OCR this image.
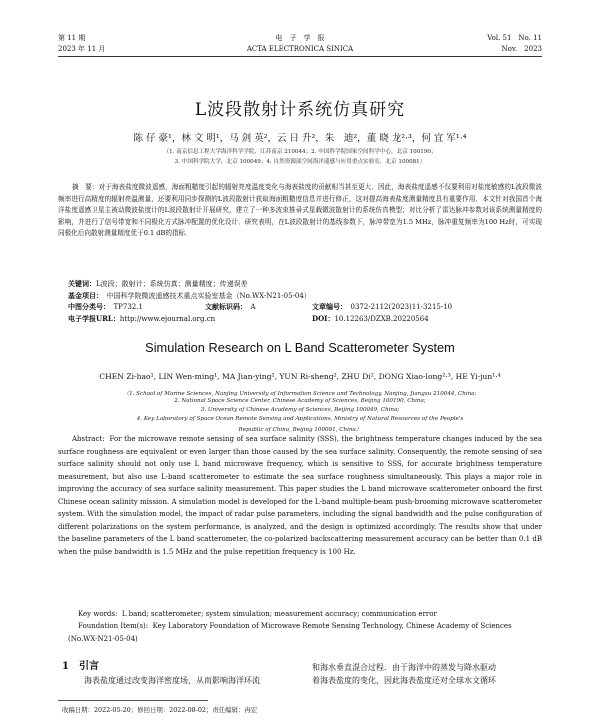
第 11 期	电　子　学　报	Vol. 51　No. 11
2023 年 11 月	ACTA ELECTRONICA SINICA	Nov.　2023
L波段散射计系统仿真研究
陈 仔 豪¹，林 文 明¹，马 剑 英²，云 日 升²，朱　迪²，董 晓 龙²·³，何 宜 军¹·⁴
（1. 南京信息工程大学海洋科学学院，江苏南京 210044；2. 中国科学院国家空间科学中心，北京 100190；
3. 中国科学院大学，北京 100049；4. 自然资源部空间海洋遥感与应用重点实验室，北京 100081）
摘　要：对于海表盐度微波遥感，海面粗糙度引起的辐射亮度温度变化与海表盐度的贡献相当甚至更大．因此，海表盐度遥感不仅要利用对盐度敏感的L波段微波频率进行高精度的辐射亮温测量，还要利用同步探测的L波段散射计获取海面粗糙度信息并进行修正，这对提高海表盐度测量精度具有重要作用．本文针对我国首个海洋盐度遥感卫星主被动微波盐度计的L波段散射计开展研究，建立了一种多波束推帚式星载微波散射计的系统仿真模型；对比分析了雷达脉冲参数对该系统测量精度的影响，并进行了信号带宽和不同极化方式脉冲配置的优化设计．研究表明，在L波段散射计的基线参数下，脉冲带宽为1.5 MHz，脉冲重复频率为100 Hz时，可实现同极化后向散射测量精度优于0.1 dB的指标．
关键词：L波段；散射计；系统仿真；测量精度；传递误差
基金项目：　 中国科学院微波遥感技术重点实验室基金（No.WX-N21-05-04）
中图分类号：　 TP732.1	文献标识码：　 A	文章编号：　 0372-2112(2023)11-3215-10
电子学报URL：http://www.ejournal.org.cn	DOI：10.12263/DZXB.20220564
Simulation Research on L Band Scatterometer System
CHEN Zi-hao¹, LIN Wen-ming¹, MA Jian-ying², YUN Ri-sheng², ZHU Di², DONG Xiao-long²·³, HE Yi-jun¹·⁴
（1. School of Marine Sciences, Nanjing University of Information Science and Technology, Nanjing, Jiangsu 210044, China;
2. National Space Science Center, Chinese Academy of Sciences, Beijing 100190, China;
3. University of Chinese Academy of Sciences, Beijing 100049, China;
4. Key Laboratory of Space Ocean Remote Sensing and Applications, Ministry of Natural Resources of the People's
Republic of China, Beijing 100081, China）
Abstract: For the microwave remote sensing of sea surface salinity (SSS), the brightness temperature changes induced by the sea surface roughness are equivalent or even larger than those caused by the sea surface salinity. Consequently, the remote sensing of sea surface salinity should not only use L band microwave frequency, which is sensitive to SSS, for accurate brightness temperature measurement, but also use L-band scatterometer to estimate the sea surface roughness simultaneously. This plays a major role in improving the accuracy of sea surface salinity measurement. This paper studies the L band microwave scatterometer onboard the first Chinese ocean salinity mission. A simulation model is developed for the L-band multiple-beam push-brooming microwave scatterometer system. With the simulation model, the impact of radar pulse parameters, including the signal bandwidth and the pulse configuration of different polarizations on the system performance, is analyzed, and the design is optimized accordingly. The results show that under the baseline parameters of the L band scatterometer, the co-polarized backscattering measurement accuracy can be better than 0.1 dB when the pulse bandwidth is 1.5 MHz and the pulse repetition frequency is 100 Hz.
Key words: L band; scatterometer; system simulation; measurement accuracy; communication error
Foundation Item(s): Key Laboratory Foundation of Microwave Remote Sensing Technology, Chinese Academy of Sciences (No.WX-N21-05-04)
1　引言
海表盐度通过改变海洋密度场，从而影响海洋环流
和海水垂直混合过程．由于海洋中的蒸发与降水驱动
着海表盐度的变化，因此海表盐度还对全球水文循环
收稿日期：2022-05-20；修回日期：2022-08-02；责任编辑：冉宏
